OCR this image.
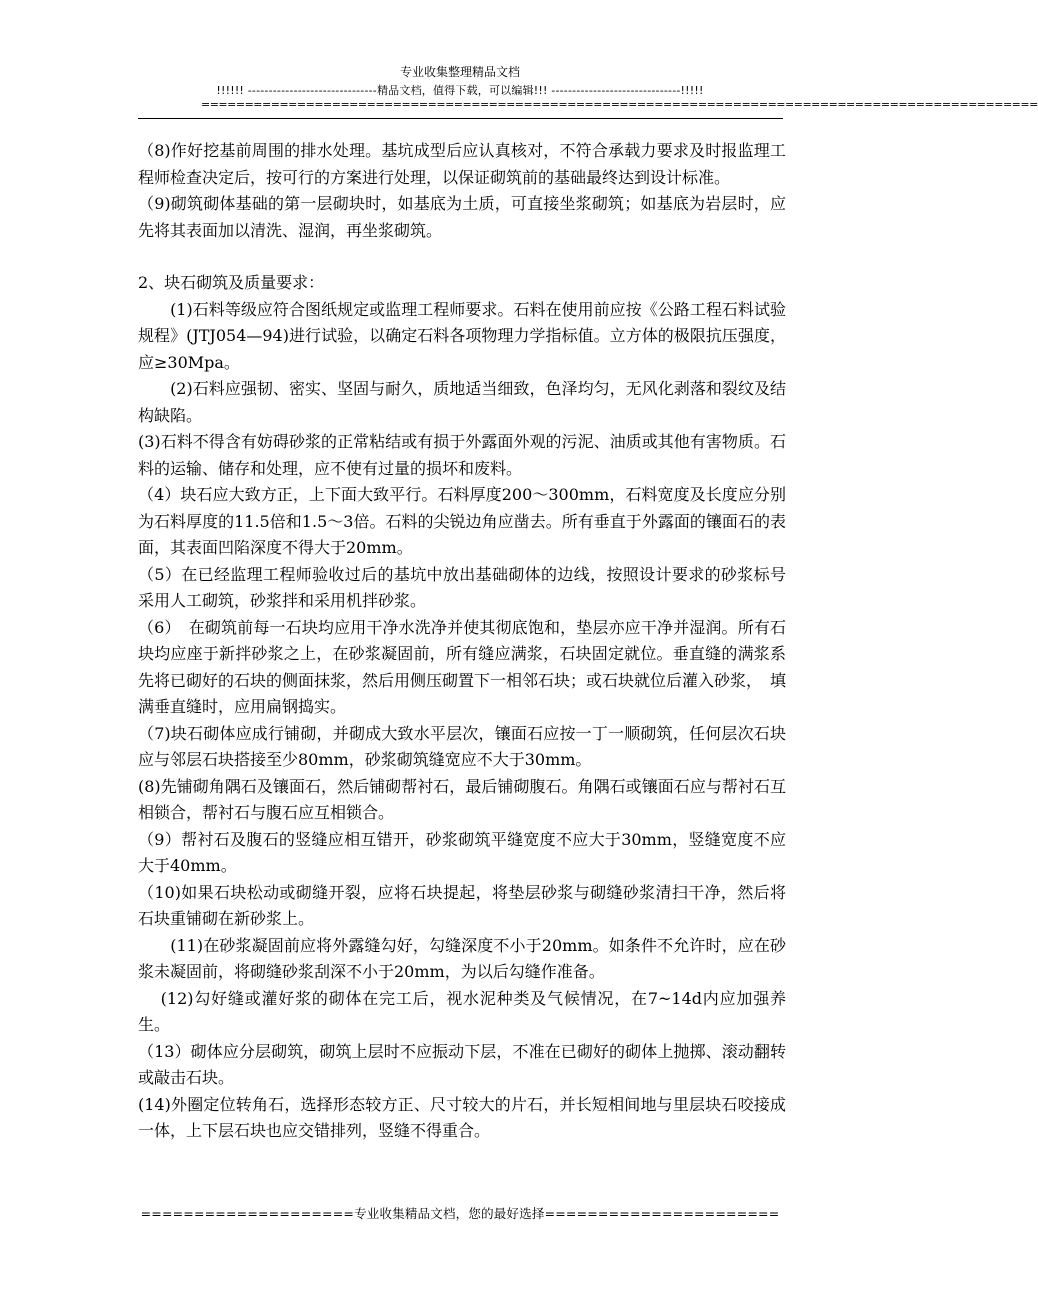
专业收集整理精品文档
!!!!!! -------------------------------精品文档，值得下载，可以编辑!!! -------------------------------!!!!!
================================================================================================

（8)作好挖基前周围的排水处理。基坑成型后应认真核对，不符合承载力要求及时报监理工程师检查决定后，按可行的方案进行处理，以保证砌筑前的基础最终达到设计标准。

（9)砌筑砌体基础的第一层砌块时，如基底为土质，可直接坐浆砌筑；如基底为岩层时，应先将其表面加以清洗、湿润，再坐浆砌筑。

2、块石砌筑及质量要求：

　　(1)石料等级应符合图纸规定或监理工程师要求。石料在使用前应按《公路工程石料试验规程》(JTJ054—94)进行试验，以确定石料各项物理力学指标值。立方体的极限抗压强度，应≥30Mpa。

　　(2)石料应强韧、密实、坚固与耐久，质地适当细致，色泽均匀，无风化剥落和裂纹及结构缺陷。

(3)石料不得含有妨碍砂浆的正常粘结或有损于外露面外观的污泥、油质或其他有害物质。石料的运输、储存和处理，应不使有过量的损坏和废料。

（4）块石应大致方正，上下面大致平行。石料厚度200～300mm，石料宽度及长度应分别为石料厚度的11.5倍和1.5～3倍。石料的尖锐边角应凿去。所有垂直于外露面的镶面石的表面，其表面凹陷深度不得大于20mm。

（5）在已经监理工程师验收过后的基坑中放出基础砌体的边线，按照设计要求的砂浆标号采用人工砌筑，砂浆拌和采用机拌砂浆。

（6）　在砌筑前每一石块均应用干净水洗净并使其彻底饱和，垫层亦应干净并湿润。所有石块均应座于新拌砂浆之上，在砂浆凝固前，所有缝应满浆，石块固定就位。垂直缝的满浆系先将已砌好的石块的侧面抹浆，然后用侧压砌置下一相邻石块；或石块就位后灌入砂浆，　填满垂直缝时，应用扁钢捣实。

（7)块石砌体应成行铺砌，并砌成大致水平层次，镶面石应按一丁一顺砌筑，任何层次石块应与邻层石块搭接至少80mm，砂浆砌筑缝宽应不大于30mm。

(8)先铺砌角隅石及镶面石，然后铺砌帮衬石，最后铺砌腹石。角隅石或镶面石应与帮衬石互相锁合，帮衬石与腹石应互相锁合。

（9）帮衬石及腹石的竖缝应相互错开，砂浆砌筑平缝宽度不应大于30mm，竖缝宽度不应大于40mm。

（10)如果石块松动或砌缝开裂，应将石块提起，将垫层砂浆与砌缝砂浆清扫干净，然后将石块重铺砌在新砂浆上。

　　(11)在砂浆凝固前应将外露缝勾好，勾缝深度不小于20mm。如条件不允许时，应在砂浆未凝固前，将砌缝砂浆刮深不小于20mm，为以后勾缝作准备。

　 (12)勾好缝或灌好浆的砌体在完工后，视水泥种类及气候情况，在7~14d内应加强养生。

（13）砌体应分层砌筑，砌筑上层时不应振动下层，不准在已砌好的砌体上抛掷、滚动翻转或敲击石块。

(14)外圈定位转角石，选择形态较方正、尺寸较大的片石，并长短相间地与里层块石咬接成一体，上下层石块也应交错排列，竖缝不得重合。

====================专业收集精品文档，您的最好选择======================
